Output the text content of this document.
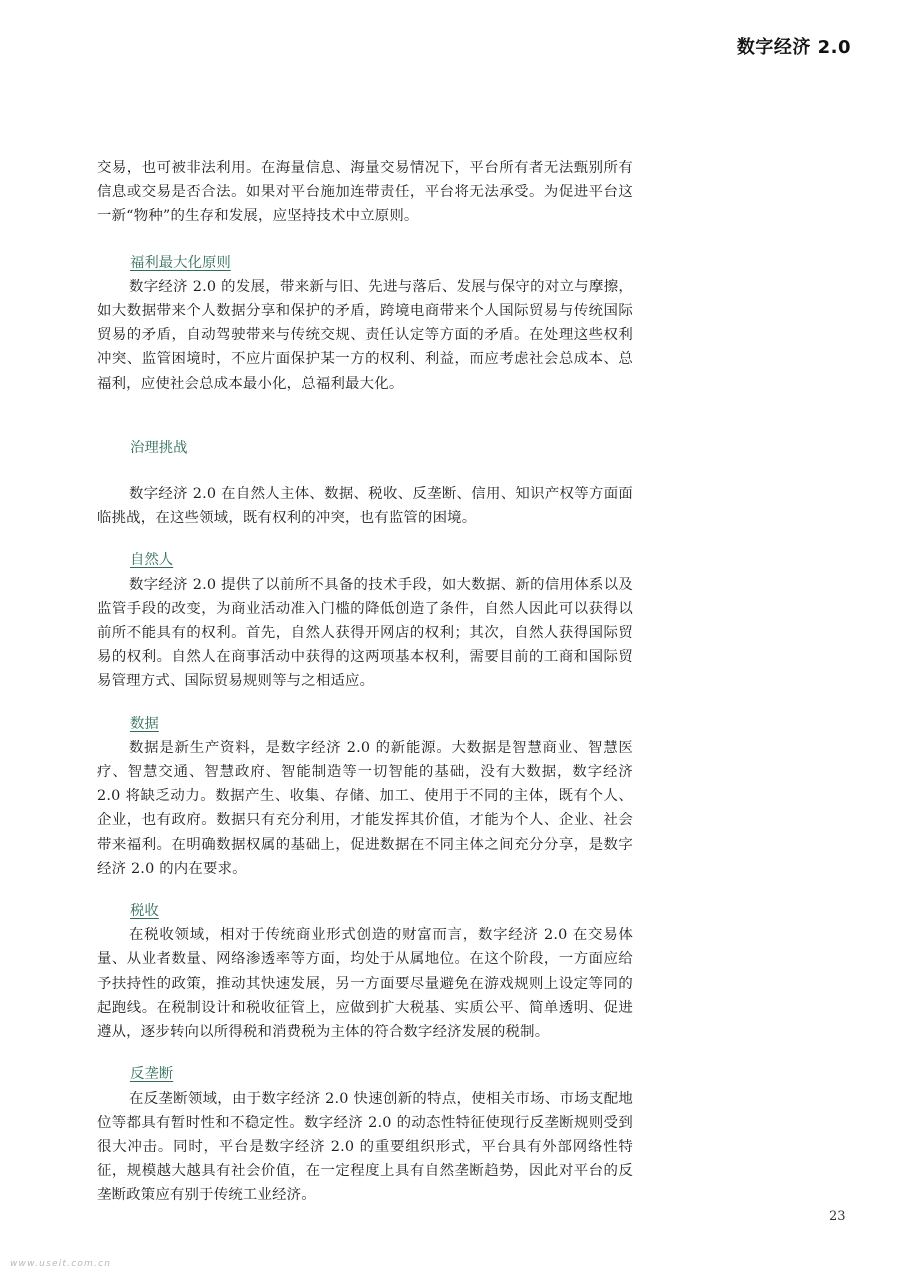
数字经济 2.0

交易，也可被非法利用。在海量信息、海量交易情况下，平台所有者无法甄别所有信息或交易是否合法。如果对平台施加连带责任，平台将无法承受。为促进平台这一新“物种”的生存和发展，应坚持技术中立原则。

福利最大化原则

数字经济 2.0 的发展，带来新与旧、先进与落后、发展与保守的对立与摩擦，如大数据带来个人数据分享和保护的矛盾，跨境电商带来个人国际贸易与传统国际贸易的矛盾，自动驾驶带来与传统交规、责任认定等方面的矛盾。在处理这些权利冲突、监管困境时，不应片面保护某一方的权利、利益，而应考虑社会总成本、总福利，应使社会总成本最小化，总福利最大化。

治理挑战

数字经济 2.0 在自然人主体、数据、税收、反垄断、信用、知识产权等方面面临挑战，在这些领域，既有权利的冲突，也有监管的困境。

自然人

数字经济 2.0 提供了以前所不具备的技术手段，如大数据、新的信用体系以及监管手段的改变，为商业活动准入门槛的降低创造了条件，自然人因此可以获得以前所不能具有的权利。首先，自然人获得开网店的权利；其次，自然人获得国际贸易的权利。自然人在商事活动中获得的这两项基本权利，需要目前的工商和国际贸易管理方式、国际贸易规则等与之相适应。

数据

数据是新生产资料，是数字经济 2.0 的新能源。大数据是智慧商业、智慧医疗、智慧交通、智慧政府、智能制造等一切智能的基础，没有大数据，数字经济 2.0 将缺乏动力。数据产生、收集、存储、加工、使用于不同的主体，既有个人、企业，也有政府。数据只有充分利用，才能发挥其价值，才能为个人、企业、社会带来福利。在明确数据权属的基础上，促进数据在不同主体之间充分分享，是数字经济 2.0 的内在要求。

税收

在税收领域，相对于传统商业形式创造的财富而言，数字经济 2.0 在交易体量、从业者数量、网络渗透率等方面，均处于从属地位。在这个阶段，一方面应给予扶持性的政策，推动其快速发展，另一方面要尽量避免在游戏规则上设定等同的起跑线。在税制设计和税收征管上，应做到扩大税基、实质公平、简单透明、促进遵从，逐步转向以所得税和消费税为主体的符合数字经济发展的税制。

反垄断

在反垄断领域，由于数字经济 2.0 快速创新的特点，使相关市场、市场支配地位等都具有暂时性和不稳定性。数字经济 2.0 的动态性特征使现行反垄断规则受到很大冲击。同时，平台是数字经济 2.0 的重要组织形式，平台具有外部网络性特征，规模越大越具有社会价值，在一定程度上具有自然垄断趋势，因此对平台的反垄断政策应有别于传统工业经济。

23
www.useit.com.cn
